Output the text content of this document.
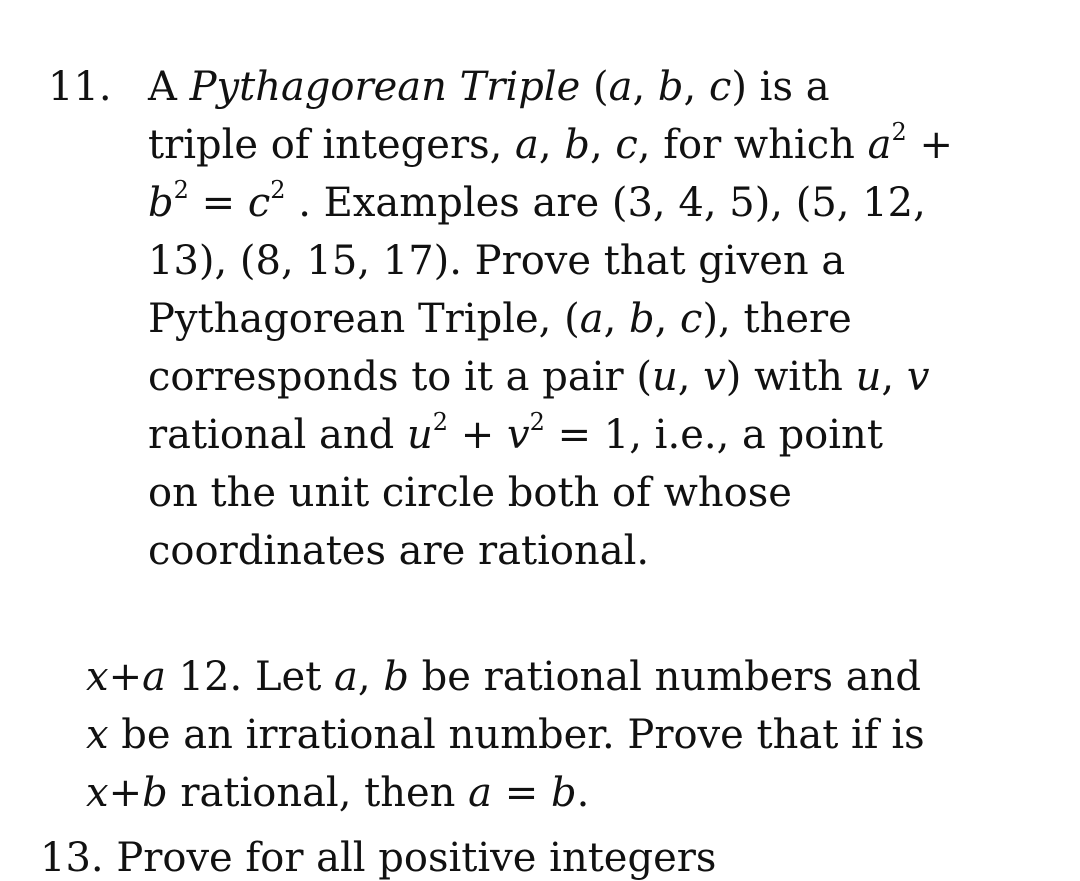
11. A Pythagorean Triple (a, b, c) is a
triple of integers, a, b, c, for which $a^2$ +
$b^2 = c^2$ . Examples are (3, 4, 5), (5, 12,
13), (8, 15, 17). Prove that given a
Pythagorean Triple, (a, b, c), there
corresponds to it a pair (u, v) with u, v
rational and $u^2 + v^2 = 1$, i.e., a point
on the unit circle both of whose
coordinates are rational.
x+a 12. Let a, b be rational numbers and
x be an irrational number. Prove that if is
x+b rational, then a = b.
13. Prove for all positive integers
